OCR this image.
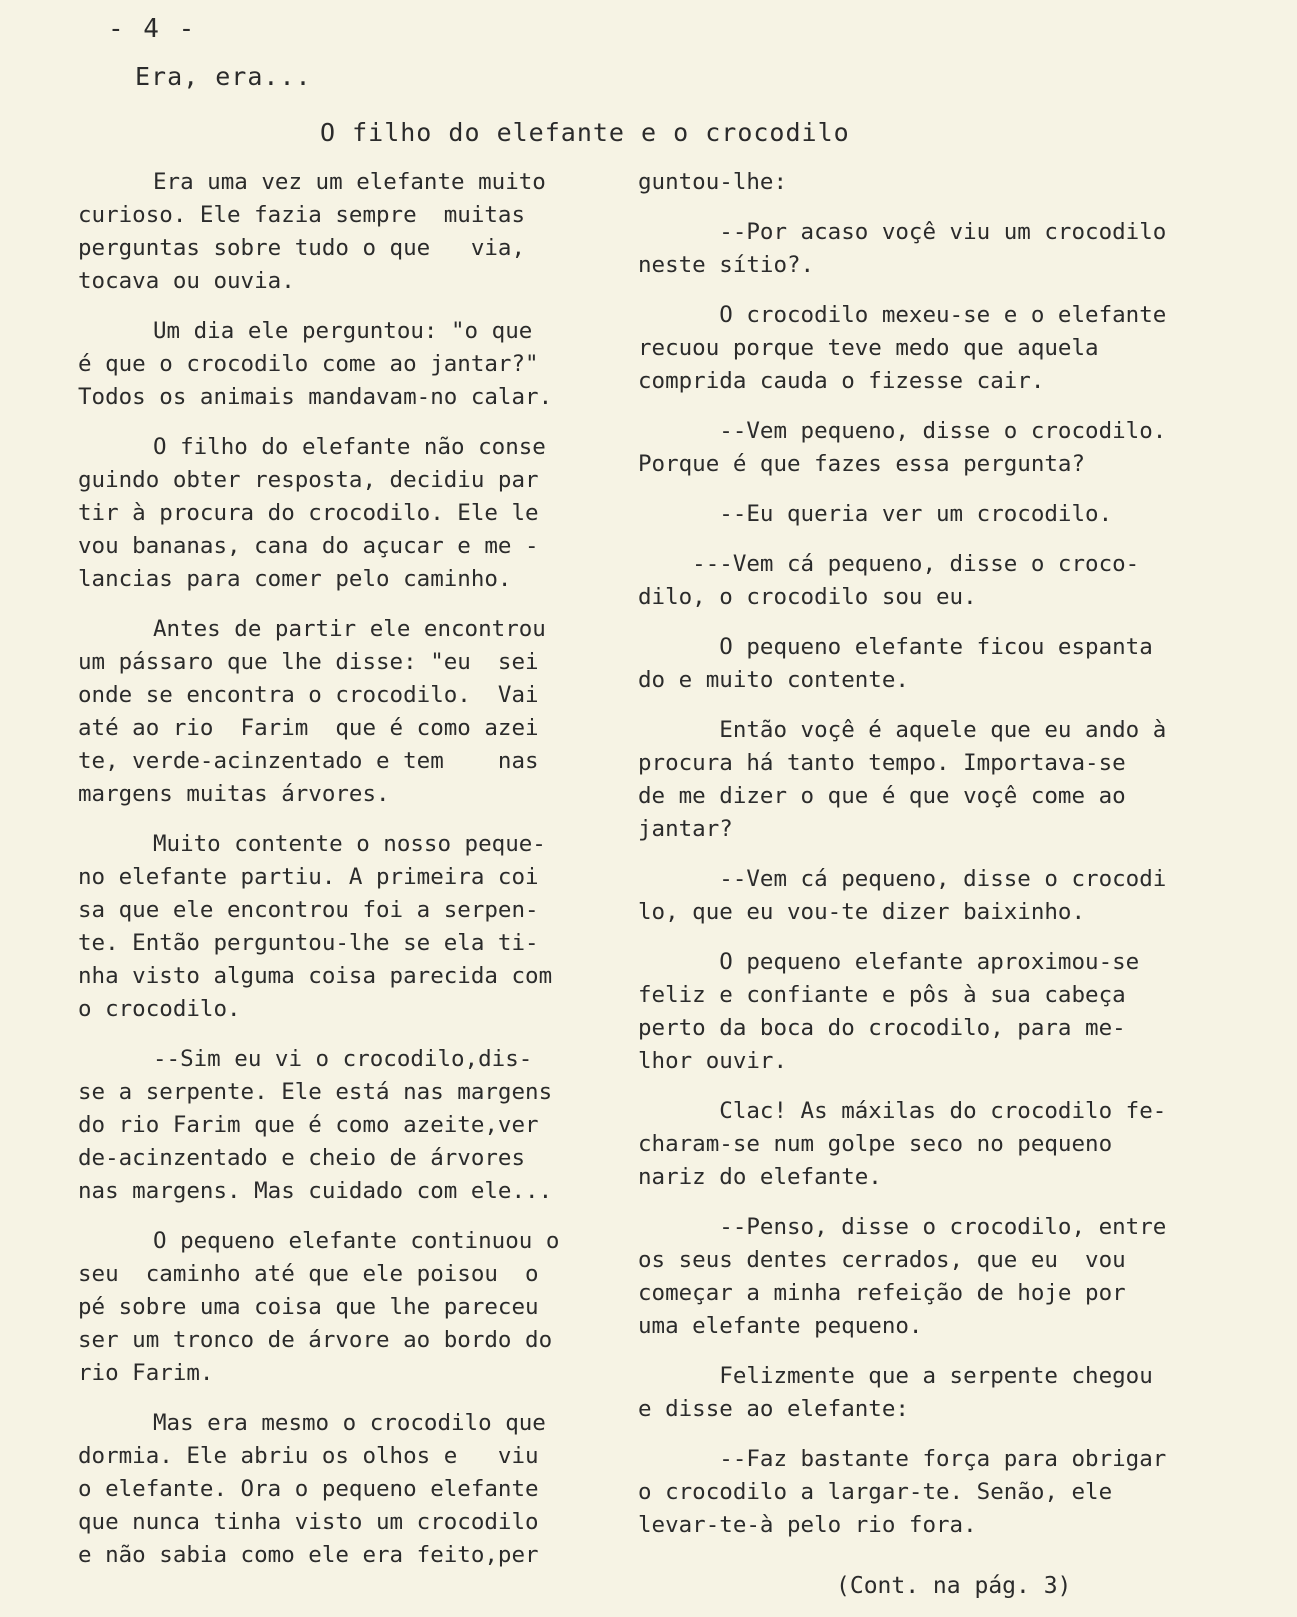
- 4 -
Era, era...
O filho do elefante e o crocodilo

Era uma vez um elefante muito
curioso. Ele fazia sempre  muitas
perguntas sobre tudo o que   via,
tocava ou ouvia.

Um dia ele perguntou: "o que
é que o crocodilo come ao jantar?"
Todos os animais mandavam-no calar.

O filho do elefante não conse
guindo obter resposta, decidiu par
tir à procura do crocodilo. Ele le
vou bananas, cana do açucar e me -
lancias para comer pelo caminho.

Antes de partir ele encontrou
um pássaro que lhe disse: "eu  sei
onde se encontra o crocodilo.  Vai
até ao rio  Farim  que é como azei
te, verde-acinzentado e tem    nas
margens muitas árvores.

Muito contente o nosso peque-
no elefante partiu. A primeira coi
sa que ele encontrou foi a serpen-
te. Então perguntou-lhe se ela ti-
nha visto alguma coisa parecida com
o crocodilo.

--Sim eu vi o crocodilo,dis-
se a serpente. Ele está nas margens
do rio Farim que é como azeite,ver
de-acinzentado e cheio de árvores
nas margens. Mas cuidado com ele...

O pequeno elefante continuou o
seu  caminho até que ele poisou  o
pé sobre uma coisa que lhe pareceu
ser um tronco de árvore ao bordo do
rio Farim.

Mas era mesmo o crocodilo que
dormia. Ele abriu os olhos e   viu
o elefante. Ora o pequeno elefante
que nunca tinha visto um crocodilo
e não sabia como ele era feito,per

guntou-lhe:

--Por acaso voçê viu um crocodilo
neste sítio?.

O crocodilo mexeu-se e o elefante
recuou porque teve medo que aquela
comprida cauda o fizesse cair.

--Vem pequeno, disse o crocodilo.
Porque é que fazes essa pergunta?

--Eu queria ver um crocodilo.

---Vem cá pequeno, disse o croco-
dilo, o crocodilo sou eu.

O pequeno elefante ficou espanta
do e muito contente.

Então voçê é aquele que eu ando à
procura há tanto tempo. Importava-se
de me dizer o que é que voçê come ao
jantar?

--Vem cá pequeno, disse o crocodi
lo, que eu vou-te dizer baixinho.

O pequeno elefante aproximou-se
feliz e confiante e pôs à sua cabeça
perto da boca do crocodilo, para me-
lhor ouvir.

Clac! As máxilas do crocodilo fe-
charam-se num golpe seco no pequeno
nariz do elefante.

--Penso, disse o crocodilo, entre
os seus dentes cerrados, que eu  vou
começar a minha refeição de hoje por
uma elefante pequeno.

Felizmente que a serpente chegou
e disse ao elefante:

--Faz bastante força para obrigar
o crocodilo a largar-te. Senão, ele
levar-te-à pelo rio fora.

(Cont. na pág. 3)
